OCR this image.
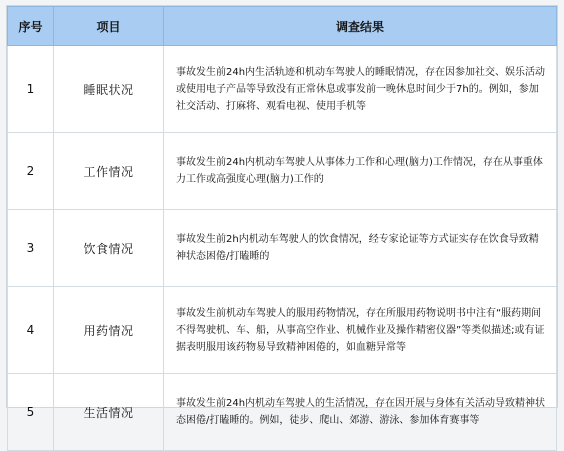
序号	项目	调查结果
1	睡眠状况	事故发生前24h内生活轨迹和机动车驾驶人的睡眠情况，存在因参加社交、娱乐活动或使用电子产品等导致没有正常休息或事发前一晚休息时间少于7h的。例如，参加社交活动、打麻将、观看电视、使用手机等
2	工作情况	事故发生前24h内机动车驾驶人从事体力工作和心理(脑力)工作情况，存在从事重体力工作或高强度心理(脑力)工作的
3	饮食情况	事故发生前2h内机动车驾驶人的饮食情况，经专家论证等方式证实存在饮食导致精神状态困倦/打瞌睡的
4	用药情况	事故发生前机动车驾驶人的服用药物情况，存在所服用药物说明书中注有“服药期间不得驾驶机、车、船，从事高空作业、机械作业及操作精密仪器”等类似描述;或有证据表明服用该药物易导致精神困倦的，如血糖异常等
5	生活情况	事故发生前24h内机动车驾驶人的生活情况，存在因开展与身体有关活动导致精神状态困倦/打瞌睡的。例如，徒步、爬山、郊游、游泳、参加体育赛事等
